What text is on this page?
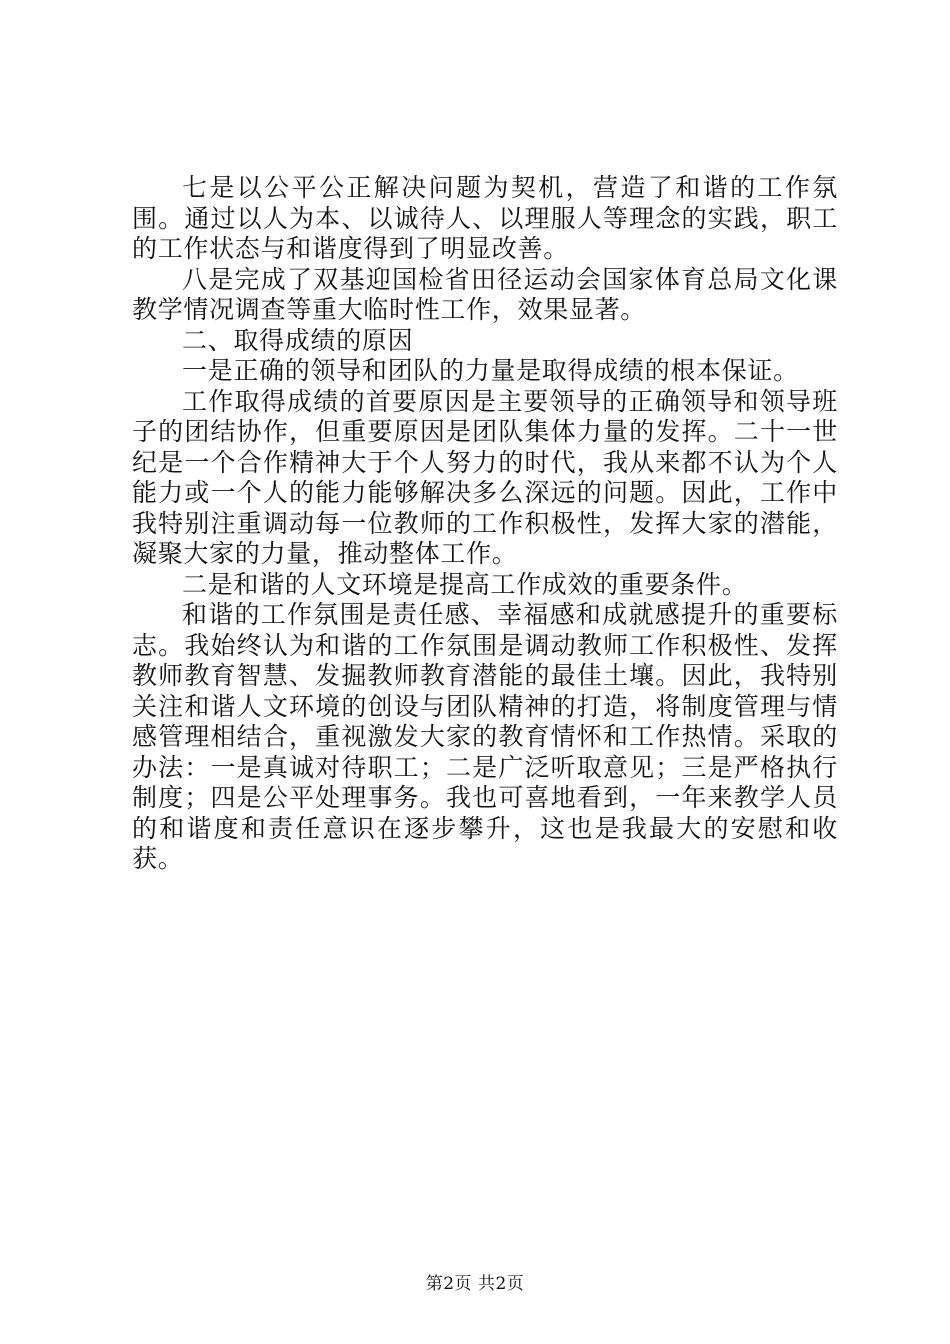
七是以公平公正解决问题为契机，营造了和谐的工作氛围。通过以人为本、以诚待人、以理服人等理念的实践，职工的工作状态与和谐度得到了明显改善。

八是完成了双基迎国检省田径运动会国家体育总局文化课教学情况调查等重大临时性工作，效果显著。

二、取得成绩的原因

一是正确的领导和团队的力量是取得成绩的根本保证。

工作取得成绩的首要原因是主要领导的正确领导和领导班子的团结协作，但重要原因是团队集体力量的发挥。二十一世纪是一个合作精神大于个人努力的时代，我从来都不认为个人能力或一个人的能力能够解决多么深远的问题。因此，工作中我特别注重调动每一位教师的工作积极性，发挥大家的潜能，凝聚大家的力量，推动整体工作。

二是和谐的人文环境是提高工作成效的重要条件。

和谐的工作氛围是责任感、幸福感和成就感提升的重要标志。我始终认为和谐的工作氛围是调动教师工作积极性、发挥教师教育智慧、发掘教师教育潜能的最佳土壤。因此，我特别关注和谐人文环境的创设与团队精神的打造，将制度管理与情感管理相结合，重视激发大家的教育情怀和工作热情。采取的办法：一是真诚对待职工；二是广泛听取意见；三是严格执行制度；四是公平处理事务。我也可喜地看到，一年来教学人员的和谐度和责任意识在逐步攀升，这也是我最大的安慰和收获。

第2页 共2页
